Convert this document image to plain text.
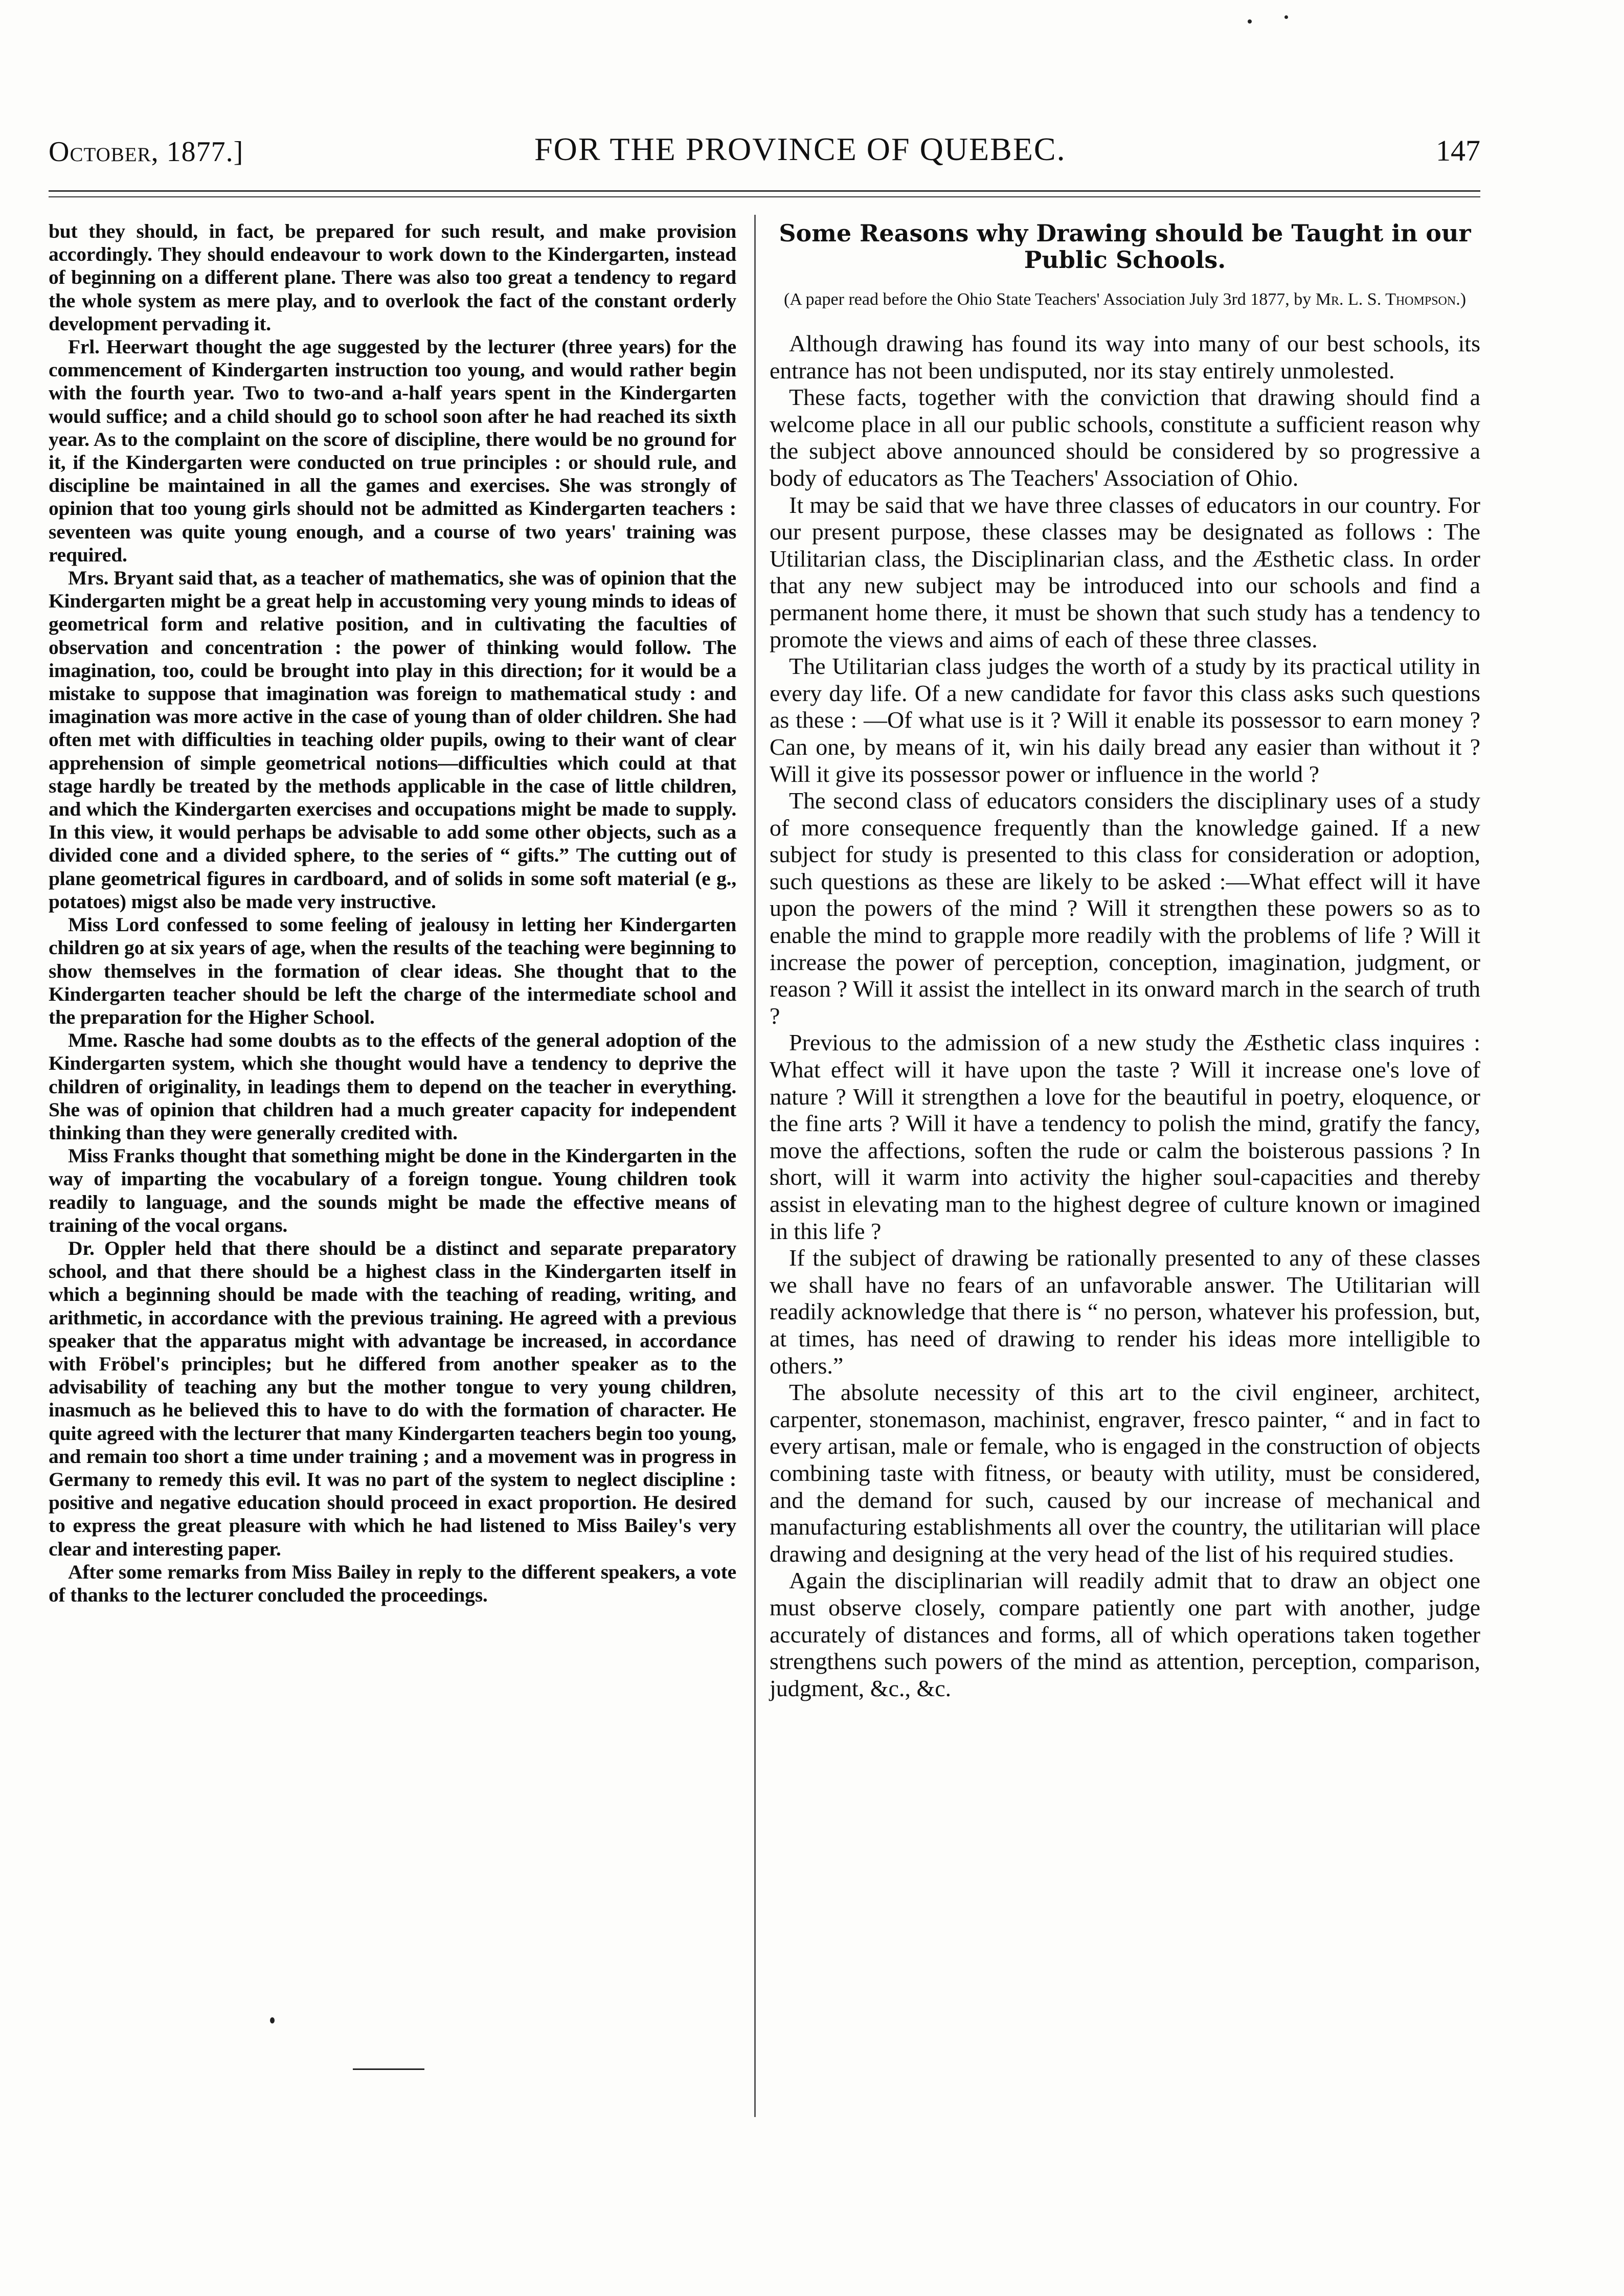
October, 1877.]	FOR THE PROVINCE OF QUEBEC.	147

but they should, in fact, be prepared for such result, and make provision accordingly. They should endeavour to work down to the Kindergarten, instead of beginning on a different plane. There was also too great a tendency to regard the whole system as mere play, and to overlook the fact of the constant orderly development pervading it.

Frl. Heerwart thought the age suggested by the lecturer (three years) for the commencement of Kindergarten instruction too young, and would rather begin with the fourth year. Two to two-and a-half years spent in the Kindergarten would suffice; and a child should go to school soon after he had reached its sixth year. As to the complaint on the score of discipline, there would be no ground for it, if the Kindergarten were conducted on true principles : or should rule, and discipline be maintained in all the games and exercises. She was strongly of opinion that too young girls should not be admitted as Kindergarten teachers : seventeen was quite young enough, and a course of two years' training was required.

Mrs. Bryant said that, as a teacher of mathematics, she was of opinion that the Kindergarten might be a great help in accustoming very young minds to ideas of geometrical form and relative position, and in cultivating the faculties of observation and concentration : the power of thinking would follow. The imagination, too, could be brought into play in this direction; for it would be a mistake to suppose that imagination was foreign to mathematical study : and imagination was more active in the case of young than of older children. She had often met with difficulties in teaching older pupils, owing to their want of clear apprehension of simple geometrical notions—difficulties which could at that stage hardly be treated by the methods applicable in the case of little children, and which the Kindergarten exercises and occupations might be made to supply. In this view, it would perhaps be advisable to add some other objects, such as a divided cone and a divided sphere, to the series of “ gifts.” The cutting out of plane geometrical figures in cardboard, and of solids in some soft material (e g., potatoes) migst also be made very instructive.

Miss Lord confessed to some feeling of jealousy in letting her Kindergarten children go at six years of age, when the results of the teaching were beginning to show themselves in the formation of clear ideas. She thought that to the Kindergarten teacher should be left the charge of the intermediate school and the preparation for the Higher School.

Mme. Rasche had some doubts as to the effects of the general adoption of the Kindergarten system, which she thought would have a tendency to deprive the children of originality, in leadings them to depend on the teacher in everything. She was of opinion that children had a much greater capacity for independent thinking than they were generally credited with.

Miss Franks thought that something might be done in the Kindergarten in the way of imparting the vocabulary of a foreign tongue. Young children took readily to language, and the sounds might be made the effective means of training of the vocal organs.

Dr. Oppler held that there should be a distinct and separate preparatory school, and that there should be a highest class in the Kindergarten itself in which a beginning should be made with the teaching of reading, writing, and arithmetic, in accordance with the previous training. He agreed with a previous speaker that the apparatus might with advantage be increased, in accordance with Fröbel's principles; but he differed from another speaker as to the advisability of teaching any but the mother tongue to very young children, inasmuch as he believed this to have to do with the formation of character. He quite agreed with the lecturer that many Kindergarten teachers begin too young, and remain too short a time under training ; and a movement was in progress in Germany to remedy this evil. It was no part of the system to neglect discipline : positive and negative education should proceed in exact proportion. He desired to express the great pleasure with which he had listened to Miss Bailey's very clear and interesting paper.

After some remarks from Miss Bailey in reply to the different speakers, a vote of thanks to the lecturer concluded the proceedings.

Some Reasons why Drawing should be Taught in our Public Schools.
(A paper read before the Ohio State Teachers' Association July 3rd 1877, by Mr. L. S. Thompson.)

Although drawing has found its way into many of our best schools, its entrance has not been undisputed, nor its stay entirely unmolested.

These facts, together with the conviction that drawing should find a welcome place in all our public schools, constitute a sufficient reason why the subject above announced should be considered by so progressive a body of educators as The Teachers' Association of Ohio.

It may be said that we have three classes of educators in our country. For our present purpose, these classes may be designated as follows : The Utilitarian class, the Disciplinarian class, and the Æsthetic class. In order that any new subject may be introduced into our schools and find a permanent home there, it must be shown that such study has a tendency to promote the views and aims of each of these three classes.

The Utilitarian class judges the worth of a study by its practical utility in every day life. Of a new candidate for favor this class asks such questions as these : —Of what use is it ? Will it enable its possessor to earn money ? Can one, by means of it, win his daily bread any easier than without it ? Will it give its possessor power or influence in the world ?

The second class of educators considers the disciplinary uses of a study of more consequence frequently than the knowledge gained. If a new subject for study is presented to this class for consideration or adoption, such questions as these are likely to be asked :—What effect will it have upon the powers of the mind ? Will it strengthen these powers so as to enable the mind to grapple more readily with the problems of life ? Will it increase the power of perception, conception, imagination, judgment, or reason ? Will it assist the intellect in its onward march in the search of truth ?

Previous to the admission of a new study the Æsthetic class inquires : What effect will it have upon the taste ? Will it increase one's love of nature ? Will it strengthen a love for the beautiful in poetry, eloquence, or the fine arts ? Will it have a tendency to polish the mind, gratify the fancy, move the affections, soften the rude or calm the boisterous passions ? In short, will it warm into activity the higher soul-capacities and thereby assist in elevating man to the highest degree of culture known or imagined in this life ?

If the subject of drawing be rationally presented to any of these classes we shall have no fears of an unfavorable answer. The Utilitarian will readily acknowledge that there is “ no person, whatever his profession, but, at times, has need of drawing to render his ideas more intelligible to others.”

The absolute necessity of this art to the civil engineer, architect, carpenter, stonemason, machinist, engraver, fresco painter, “ and in fact to every artisan, male or female, who is engaged in the construction of objects combining taste with fitness, or beauty with utility, must be considered, and the demand for such, caused by our increase of mechanical and manufacturing establishments all over the country, the utilitarian will place drawing and designing at the very head of the list of his required studies.

Again the disciplinarian will readily admit that to draw an object one must observe closely, compare patiently one part with another, judge accurately of distances and forms, all of which operations taken together strengthens such powers of the mind as attention, perception, comparison, judgment, &c., &c.
